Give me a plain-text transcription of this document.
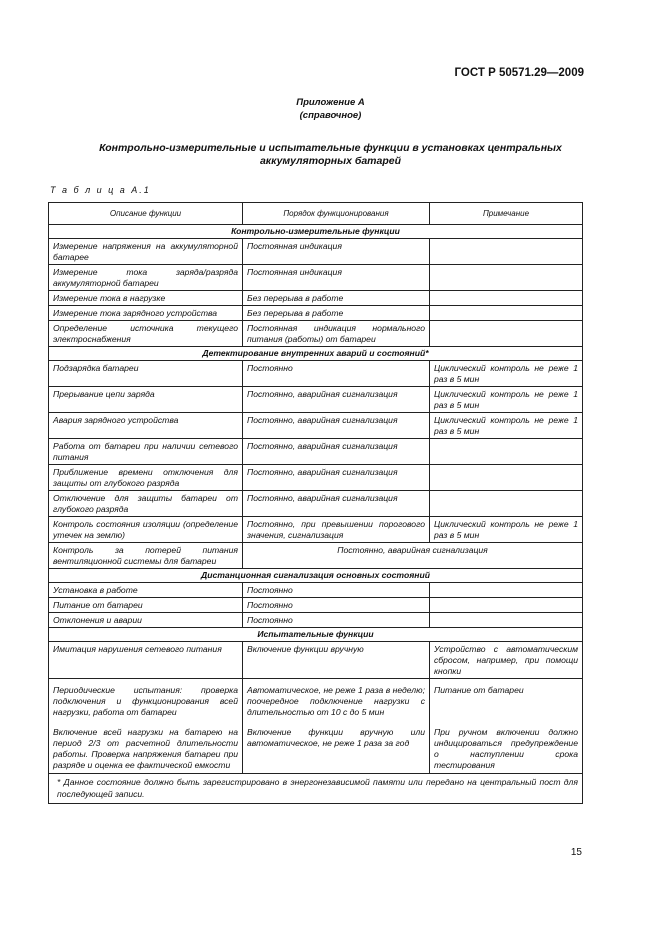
ГОСТ Р 50571.29—2009
Приложение А
(справочное)
Контрольно-измерительные и испытательные функции в установках центральных аккумуляторных батарей
Т а б л и ц а А.1
Описание функции	Порядок функционирования	Примечание
Контрольно-измерительные функции		
Измерение напряжения на аккумуляторной батарее	Постоянная индикация	
Измерение тока заряда/разряда аккумуляторной батареи	Постоянная индикация	
Измерение тока в нагрузке	Без перерыва в работе	
Измерение тока зарядного устройства	Без перерыва в работе	
Определение источника текущего электроснабжения	Постоянная индикация нормального питания (работы) от батареи	
Детектирование внутренних аварий и состояний*		
Подзарядка батареи	Постоянно	Циклический контроль не реже 1 раз в 5 мин
Прерывание цепи заряда	Постоянно, аварийная сигнализация	Циклический контроль не реже 1 раз в 5 мин
Авария зарядного устройства	Постоянно, аварийная сигнализация	Циклический контроль не реже 1 раз в 5 мин
Работа от батареи при наличии сетевого питания	Постоянно, аварийная сигнализация	
Приближение времени отключения для защиты от глубокого разряда	Постоянно, аварийная сигнализация	
Отключение для защиты батареи от глубокого разряда	Постоянно, аварийная сигнализация	
Контроль состояния изоляции (определение утечек на землю)	Постоянно, при превышении порогового значения, сигнализация	Циклический контроль не реже 1 раз в 5 мин
Контроль за потерей питания вентиляционной системы для батареи	Постоянно, аварийная сигнализация	
Дистанционная сигнализация основных состояний		
Установка в работе	Постоянно	
Питание от батареи	Постоянно	
Отклонения и аварии	Постоянно	
Испытательные функции		
Имитация нарушения сетевого питания	Включение функции вручную	Устройство с автоматическим сбросом, например, при помощи кнопки
Периодические испытания: проверка подключения и функционирования всей нагрузки, работа от батареи	Автоматическое, не реже 1 раза в неделю; поочередное подключение нагрузки с длительностью от 10 с до 5 мин	Питание от батареи
Включение всей нагрузки на батарею на период 2/3 от расчетной длительности работы. Проверка напряжения батареи при разряде и оценка ее фактической емкости	Включение функции вручную или автоматическое, не реже 1 раза за год	При ручном включении должно индицироваться предупреждение о наступлении срока тестирования
* Данное состояние должно быть зарегистрировано в энергонезависимой памяти или передано на центральный пост для последующей записи.		
15
